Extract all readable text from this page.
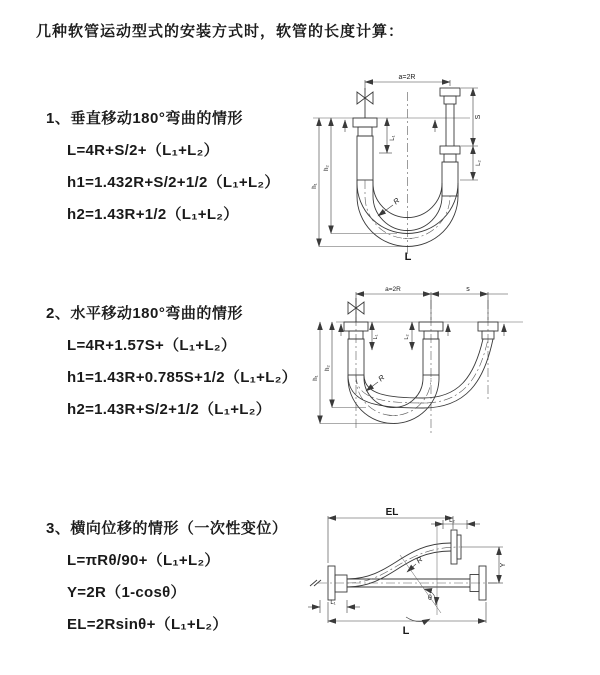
几种软管运动型式的安装方式时，软管的长度计算：
1、垂直移动180°弯曲的情形
L=4R+S/2+（L₁+L₂）
h1=1.432R+S/2+1/2（L₁+L₂）
h2=1.43R+1/2（L₁+L₂）
2、水平移动180°弯曲的情形
L=4R+1.57S+（L₁+L₂）
h1=1.43R+0.785S+1/2（L₁+L₂）
h2=1.43R+S/2+1/2（L₁+L₂）
3、横向位移的情形（一次性变位）
L=πRθ/90+（L₁+L₂）
Y=2R（1-cosθ）
EL=2Rsinθ+（L₁+L₂）
a=2R
L₁
S
L₂
R
h₁
h₂
L
a=2R	s
L₁	L₂
R
h₁
h₂
EL
L₂
R
θ
Y
L₁
L
